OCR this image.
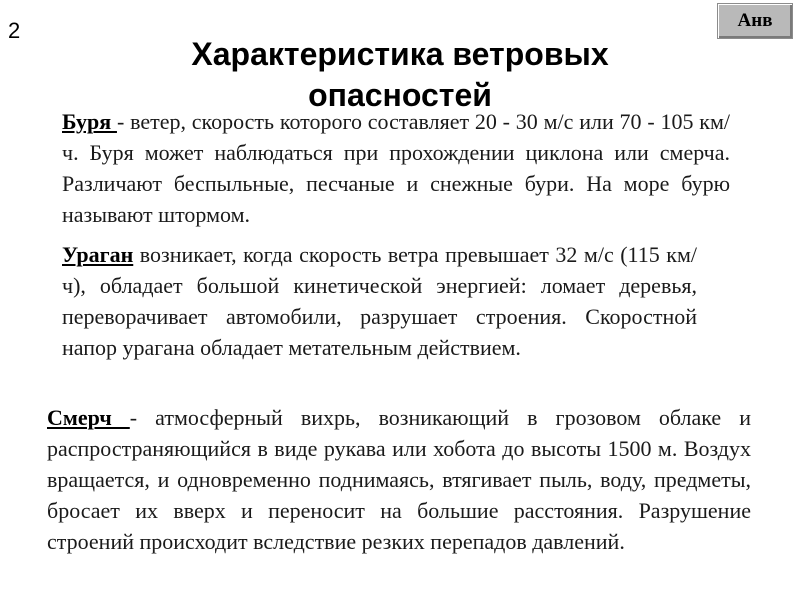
2	Анв
Характеристика ветровых опасностей

Буря - ветер, скорость которого составляет 20 - 30 м/с или 70 - 105 км/ч. Буря может наблюдаться при прохождении циклона или смерча. Различают беспыльные, песчаные и снежные бури. На море бурю называют штормом.

Ураган возникает, когда скорость ветра превышает 32 м/с (115 км/ч), обладает большой кинетической энергией: ломает деревья, переворачивает автомобили, разрушает строения. Скоростной напор урагана обладает метательным действием.

Смерч - атмосферный вихрь, возникающий в грозовом облаке и распространяющийся в виде рукава или хобота до высоты 1500 м. Воздух вращается, и одновременно поднимаясь, втягивает пыль, воду, предметы, бросает их вверх и переносит на большие расстояния. Разрушение строений происходит вследствие резких перепадов давлений.
